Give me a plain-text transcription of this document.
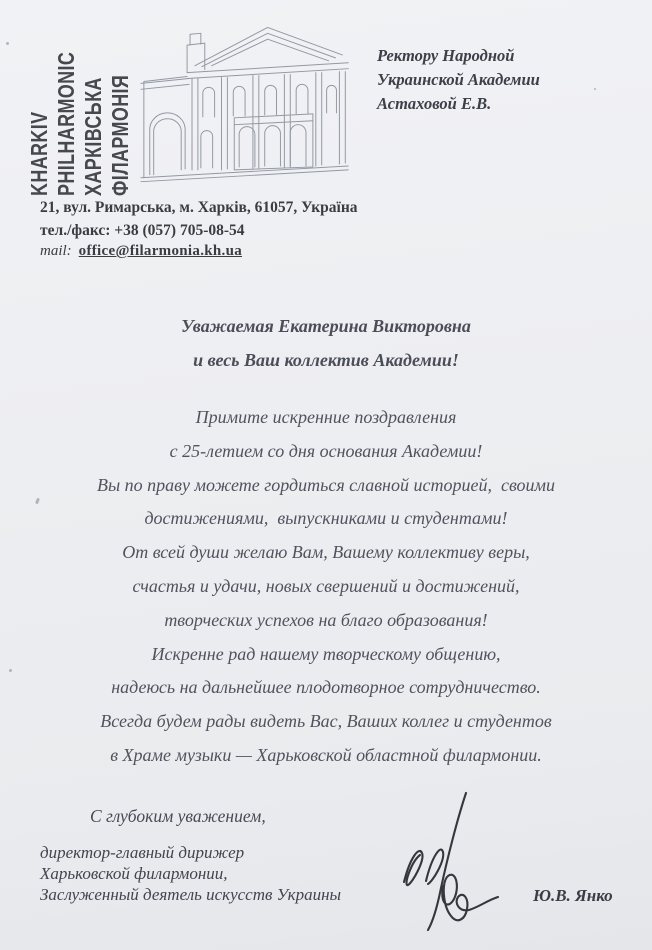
KHARKIV PHILHARMONIC ХАРКІВСЬКА ФІЛАРМОНІЯ
Ректору Народной
Украинской Академии
Астаховой Е.В.
21, вул. Римарська, м. Харків, 61057, Україна
тел./факс: +38 (057) 705-08-54
mail: office@filarmonia.kh.ua
Уважаемая Екатерина Викторовна
и весь Ваш коллектив Академии!
Примите искренние поздравления
с 25-летием со дня основания Академии!
Вы по праву можете гордиться славной историей,  своими
достижениями,  выпускниками и студентами!
От всей души желаю Вам, Вашему коллективу веры,
счастья и удачи, новых свершений и достижений,
творческих успехов на благо образования!
Искренне рад нашему творческому общению,
надеюсь на дальнейшее плодотворное сотрудничество.
Всегда будем рады видеть Вас, Ваших коллег и студентов
в Храме музыки — Харьковской областной филармонии.
С глубоким уважением,
директор-главный дирижер
Харьковской филармонии,
Заслуженный деятель искусств Украины	Ю.В. Янко
